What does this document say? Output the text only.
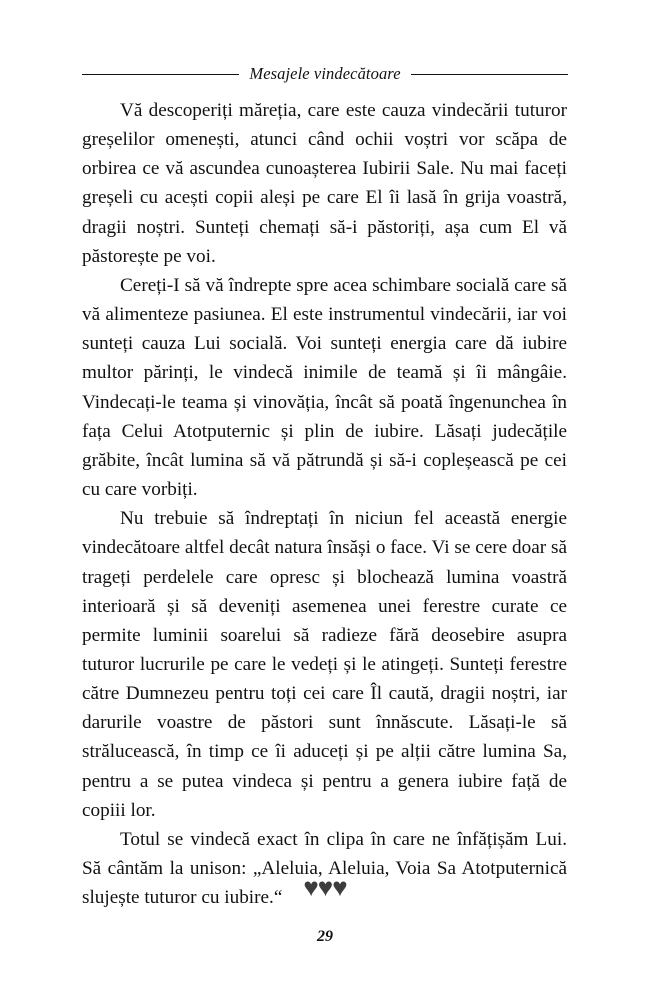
Mesajele vindecătoare

Vă descoperiți măreția, care este cauza vindecării tuturor greșelilor omenești, atunci când ochii voștri vor scăpa de orbirea ce vă ascundea cunoașterea Iubirii Sale. Nu mai faceți greșeli cu acești copii aleși pe care El îi lasă în grija voastră, dragii noștri. Sunteți chemați să-i păstoriți, așa cum El vă păstorește pe voi.

Cereți-I să vă îndrepte spre acea schimbare socială care să vă alimenteze pasiunea. El este instrumentul vindecării, iar voi sunteți cauza Lui socială. Voi sunteți energia care dă iubire multor părinți, le vindecă inimile de teamă și îi mângâie. Vindecați-le teama și vinovăția, încât să poată îngenunchea în fața Celui Atotputernic și plin de iubire. Lăsați judecățile grăbite, încât lumina să vă pătrundă și să-i copleșească pe cei cu care vorbiți.

Nu trebuie să îndreptați în niciun fel această energie vindecătoare altfel decât natura însăși o face. Vi se cere doar să trageți perdelele care opresc și blochează lumina voastră interioară și să deveniți asemenea unei ferestre curate ce permite luminii soarelui să radieze fără deosebire asupra tuturor lucrurile pe care le vedeți și le atingeți. Sunteți ferestre către Dumnezeu pentru toți cei care Îl caută, dragii noștri, iar darurile voastre de păstori sunt înnăscute. Lăsați-le să strălucească, în timp ce îi aduceți și pe alții către lumina Sa, pentru a se putea vindeca și pentru a genera iubire față de copiii lor.

Totul se vindecă exact în clipa în care ne înfățișăm Lui. Să cântăm la unison: „Aleluia, Aleluia, Voia Sa Atotputernică slujește tuturor cu iubire.“ ♥♥♥
29
